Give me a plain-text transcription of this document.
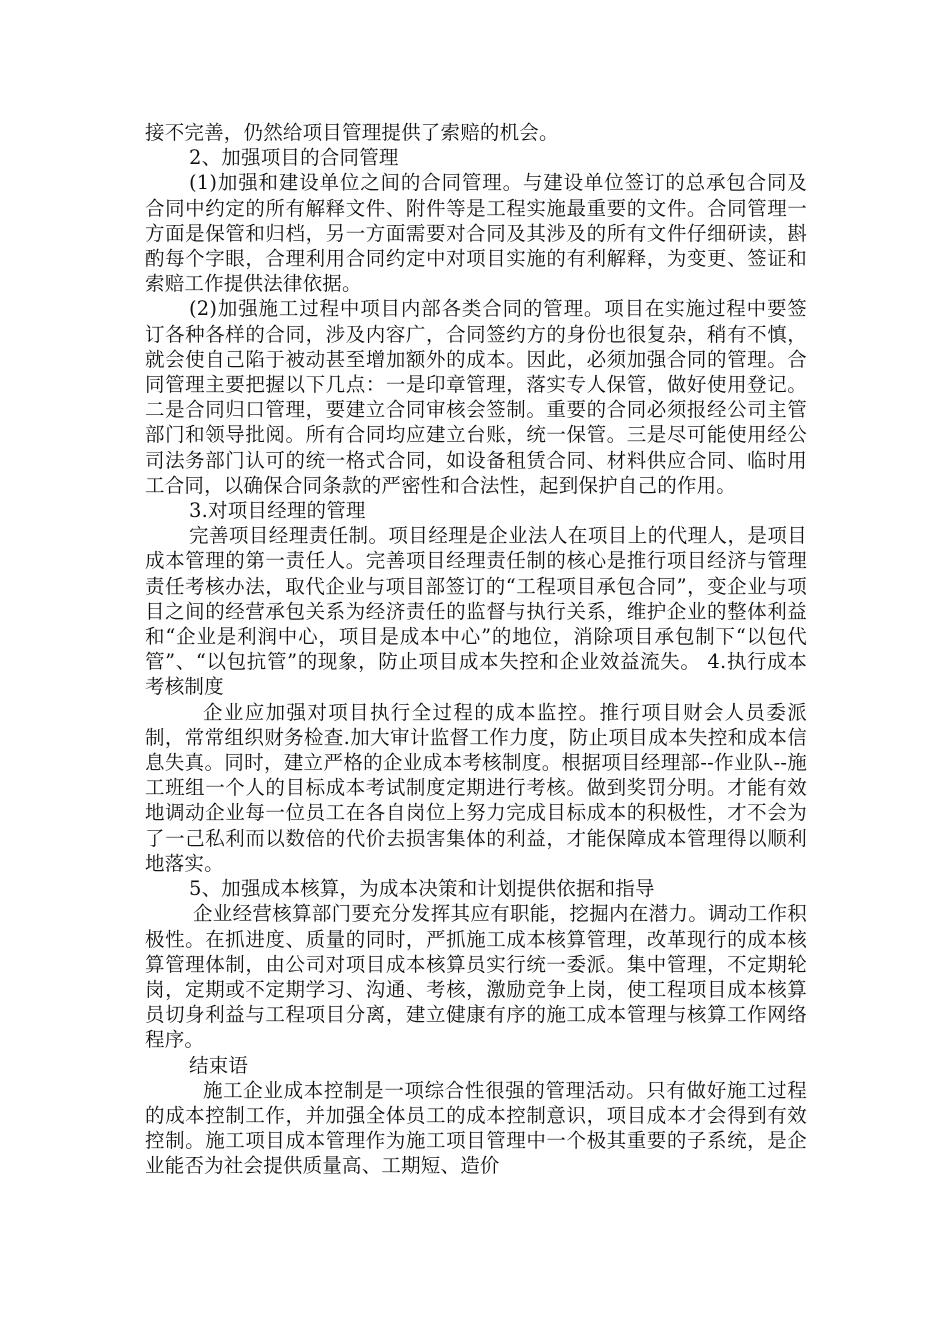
接不完善，仍然给项目管理提供了索赔的机会。

2、加强项目的合同管理

(1)加强和建设单位之间的合同管理。与建设单位签订的总承包合同及合同中约定的所有解释文件、附件等是工程实施最重要的文件。合同管理一方面是保管和归档，另一方面需要对合同及其涉及的所有文件仔细研读，斟酌每个字眼，合理利用合同约定中对项目实施的有利解释，为变更、签证和索赔工作提供法律依据。

(2)加强施工过程中项目内部各类合同的管理。项目在实施过程中要签订各种各样的合同，涉及内容广，合同签约方的身份也很复杂，稍有不慎，就会使自己陷于被动甚至增加额外的成本。因此，必须加强合同的管理。合同管理主要把握以下几点：一是印章管理，落实专人保管，做好使用登记。二是合同归口管理，要建立合同审核会签制。重要的合同必须报经公司主管部门和领导批阅。所有合同均应建立台账，统一保管。三是尽可能使用经公司法务部门认可的统一格式合同，如设备租赁合同、材料供应合同、临时用工合同，以确保合同条款的严密性和合法性，起到保护自己的作用。

3.对项目经理的管理

完善项目经理责任制。项目经理是企业法人在项目上的代理人，是项目成本管理的第一责任人。完善项目经理责任制的核心是推行项目经济与管理责任考核办法，取代企业与项目部签订的“工程项目承包合同”，变企业与项目之间的经营承包关系为经济责任的监督与执行关系，维护企业的整体利益和“企业是利润中心，项目是成本中心”的地位，消除项目承包制下“以包代管”、“以包抗管”的现象，防止项目成本失控和企业效益流失。 4.执行成本考核制度

企业应加强对项目执行全过程的成本监控。推行项目财会人员委派制，常常组织财务检查.加大审计监督工作力度，防止项目成本失控和成本信息失真。同时，建立严格的企业成本考核制度。根据项目经理部--作业队--施工班组一个人的目标成本考试制度定期进行考核。做到奖罚分明。才能有效地调动企业每一位员工在各自岗位上努力完成目标成本的积极性，才不会为了一己私利而以数倍的代价去损害集体的利益，才能保障成本管理得以顺利地落实。

5、加强成本核算，为成本决策和计划提供依据和指导

企业经营核算部门要充分发挥其应有职能，挖掘内在潜力。调动工作积极性。在抓进度、质量的同时，严抓施工成本核算管理，改革现行的成本核算管理体制，由公司对项目成本核算员实行统一委派。集中管理，不定期轮岗，定期或不定期学习、沟通、考核，激励竞争上岗，使工程项目成本核算员切身利益与工程项目分离，建立健康有序的施工成本管理与核算工作网络程序。

结束语

施工企业成本控制是一项综合性很强的管理活动。只有做好施工过程的成本控制工作，并加强全体员工的成本控制意识，项目成本才会得到有效控制。施工项目成本管理作为施工项目管理中一个极其重要的子系统，是企业能否为社会提供质量高、工期短、造价
